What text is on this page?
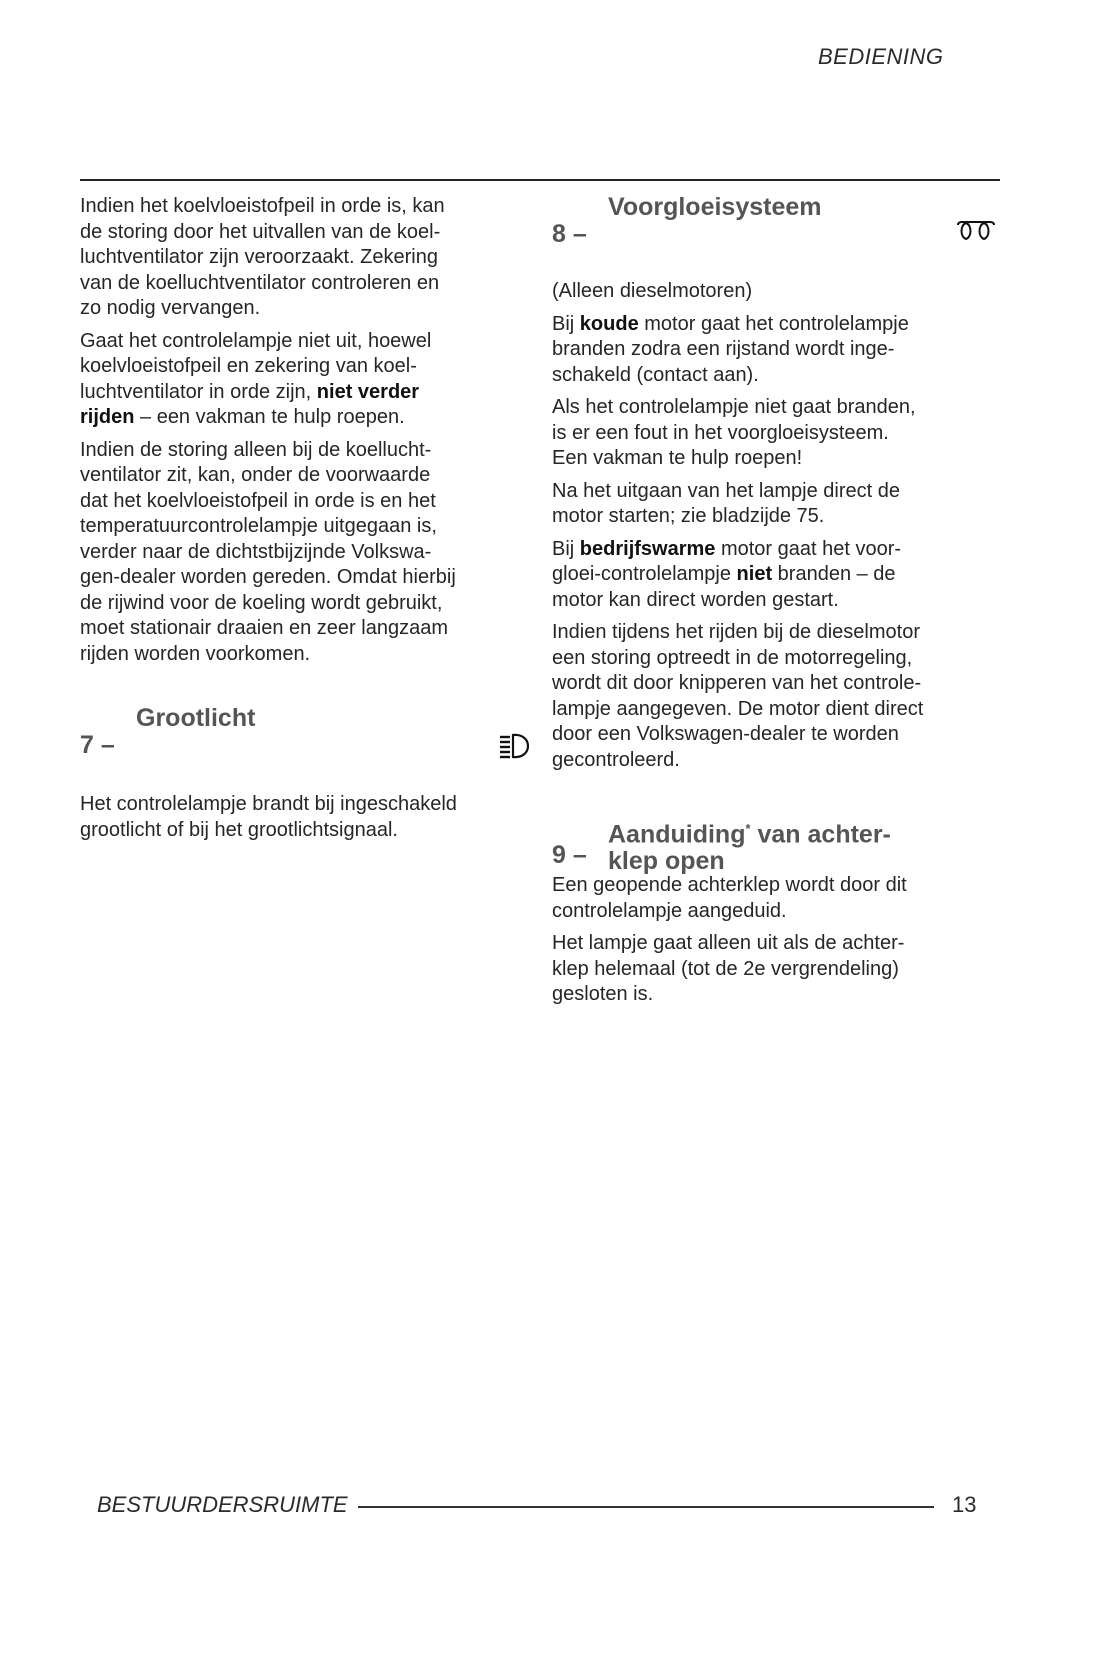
BEDIENING

Indien het koelvloeistofpeil in orde is, kan
de storing door het uitvallen van de koel-
luchtventilator zijn veroorzaakt. Zekering
van de koelluchtventilator controleren en
zo nodig vervangen.

Gaat het controlelampje niet uit, hoewel
koelvloeistofpeil en zekering van koel-
luchtventilator in orde zijn, niet verder
rijden – een vakman te hulp roepen.

Indien de storing alleen bij de koellucht-
ventilator zit, kan, onder de voorwaarde
dat het koelvloeistofpeil in orde is en het
temperatuurcontrolelampje uitgegaan is,
verder naar de dichtstbijzijnde Volkswa-
gen-dealer worden gereden. Omdat hierbij
de rijwind voor de koeling wordt gebruikt,
moet stationair draaien en zeer langzaam
rijden worden voorkomen.

7 –
Grootlicht

Het controlelampje brandt bij ingeschakeld
grootlicht of bij het grootlichtsignaal.

8 –
Voorgloeisysteem

(Alleen dieselmotoren)

Bij koude motor gaat het controlelampje
branden zodra een rijstand wordt inge-
schakeld (contact aan).

Als het controlelampje niet gaat branden,
is er een fout in het voorgloeisysteem.
Een vakman te hulp roepen!

Na het uitgaan van het lampje direct de
motor starten; zie bladzijde 75.

Bij bedrijfswarme motor gaat het voor-
gloei-controlelampje niet branden – de
motor kan direct worden gestart.

Indien tijdens het rijden bij de dieselmotor
een storing optreedt in de motorregeling,
wordt dit door knipperen van het controle-
lampje aangegeven. De motor dient direct
door een Volkswagen-dealer te worden
gecontroleerd.

9 –
Aanduiding* van achter-
klep open

Een geopende achterklep wordt door dit
controlelampje aangeduid.

Het lampje gaat alleen uit als de achter-
klep helemaal (tot de 2e vergrendeling)
gesloten is.

BESTUURDERSRUIMTE	13
